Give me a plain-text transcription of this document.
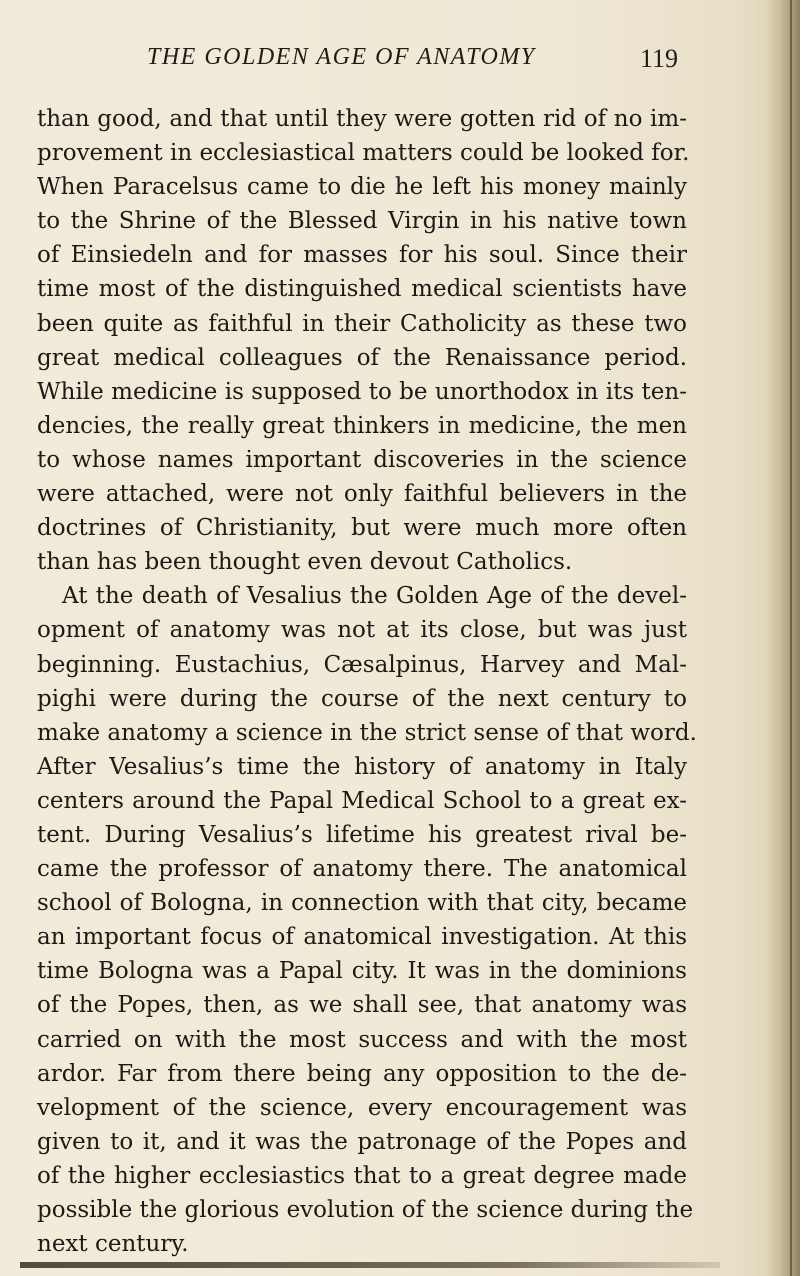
THE GOLDEN AGE OF ANATOMY	119
than good, and that until they were gotten rid of no im-
provement in ecclesiastical matters could be looked for.
When Paracelsus came to die he left his money mainly
to the Shrine of the Blessed Virgin in his native town
of Einsiedeln and for masses for his soul. Since their
time most of the distinguished medical scientists have
been quite as faithful in their Catholicity as these two
great medical colleagues of the Renaissance period.
While medicine is supposed to be unorthodox in its ten-
dencies, the really great thinkers in medicine, the men
to whose names important discoveries in the science
were attached, were not only faithful believers in the
doctrines of Christianity, but were much more often
than has been thought even devout Catholics.
At the death of Vesalius the Golden Age of the devel-
opment of anatomy was not at its close, but was just
beginning. Eustachius, Cæsalpinus, Harvey and Mal-
pighi were during the course of the next century to
make anatomy a science in the strict sense of that word.
After Vesalius’s time the history of anatomy in Italy
centers around the Papal Medical School to a great ex-
tent. During Vesalius’s lifetime his greatest rival be-
came the professor of anatomy there. The anatomical
school of Bologna, in connection with that city, became
an important focus of anatomical investigation. At this
time Bologna was a Papal city. It was in the dominions
of the Popes, then, as we shall see, that anatomy was
carried on with the most success and with the most
ardor. Far from there being any opposition to the de-
velopment of the science, every encouragement was
given to it, and it was the patronage of the Popes and
of the higher ecclesiastics that to a great degree made
possible the glorious evolution of the science during the
next century.
